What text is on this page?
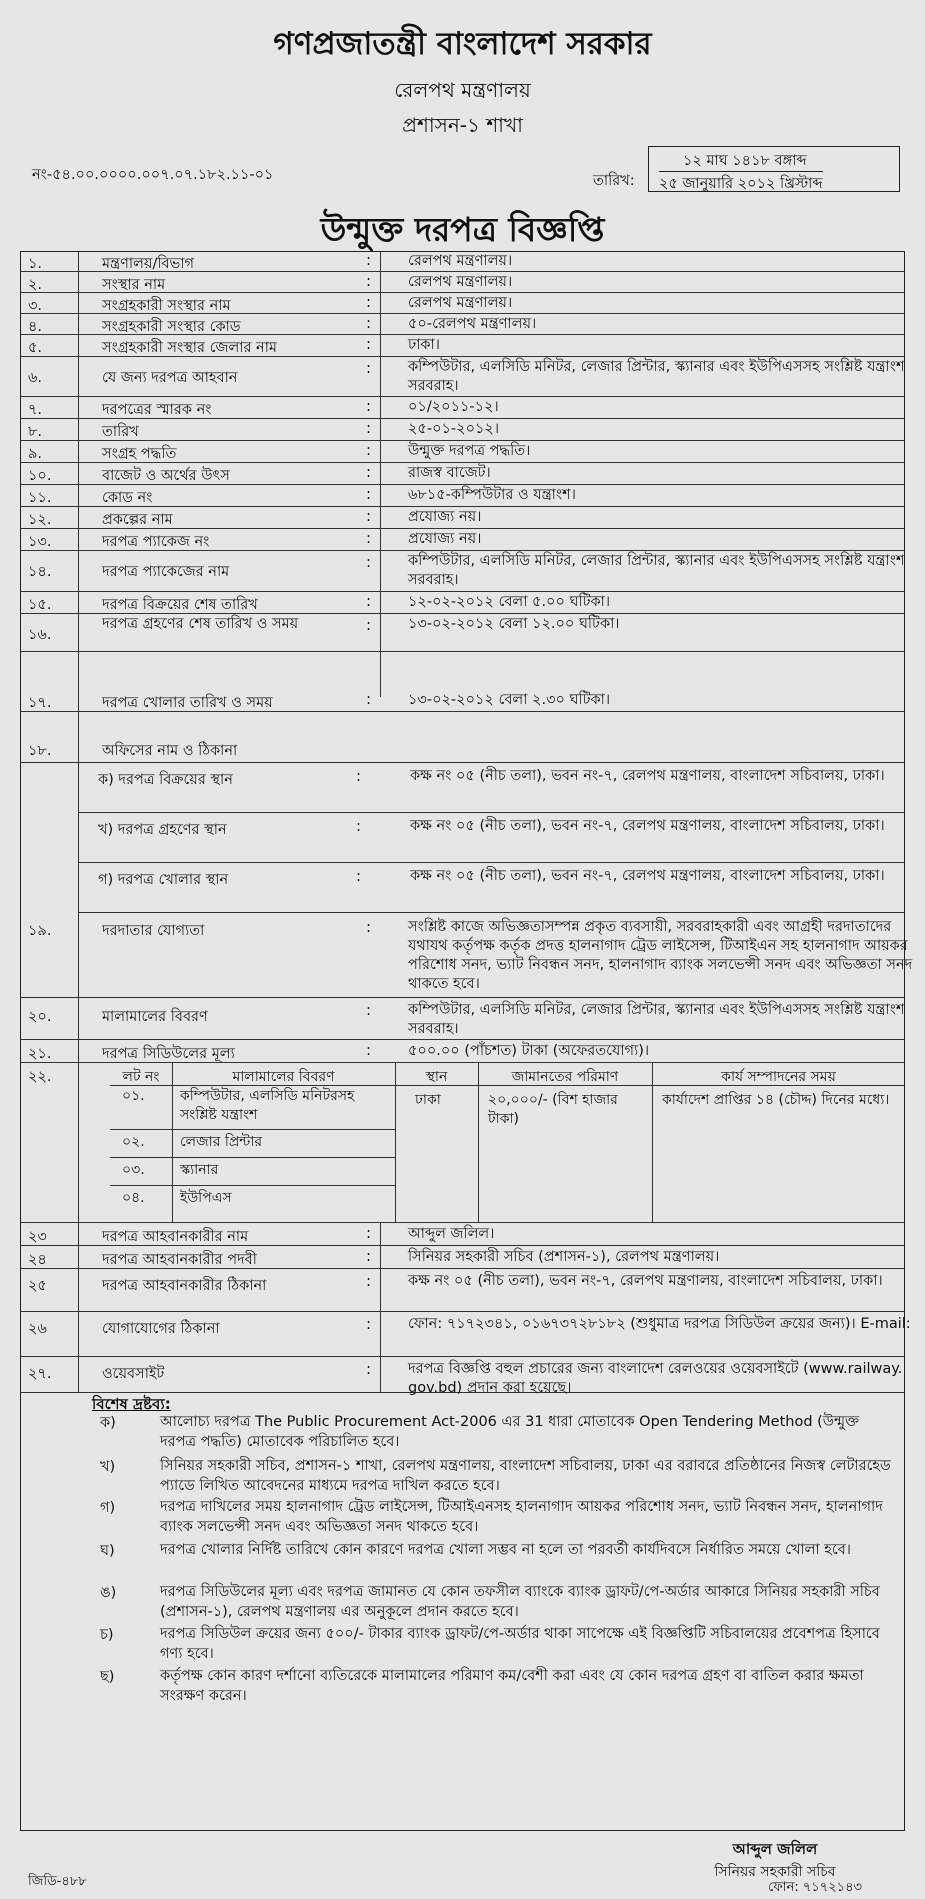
গণপ্রজাতন্ত্রী বাংলাদেশ সরকার
রেলপথ মন্ত্রণালয়
প্রশাসন-১ শাখা
নং-৫৪.০০.০০০০.০০৭.০৭.১৮২.১১-০১	তারিখ:
১২ মাঘ ১৪১৮ বঙ্গাব্দ
২৫ জানুয়ারি ২০১২ খ্রিস্টাব্দ
উন্মুক্ত দরপত্র বিজ্ঞপ্তি
১.	মন্ত্রণালয়/বিভাগ	:	রেলপথ মন্ত্রণালয়।
২.	সংস্থার নাম	:	রেলপথ মন্ত্রণালয়।
৩.	সংগ্রহকারী সংস্থার নাম	:	রেলপথ মন্ত্রণালয়।
৪.	সংগ্রহকারী সংস্থার কোড	:	৫০-রেলপথ মন্ত্রণালয়।
৫.	সংগ্রহকারী সংস্থার জেলার নাম	:	ঢাকা।
৬.	যে জন্য দরপত্র আহবান
:	কম্পিউটার, এলসিডি মনিটর, লেজার প্রিন্টার, স্ক্যানার এবং ইউপিএসসহ সংশ্লিষ্ট যন্ত্রাংশ সরবরাহ।
৭.	দরপত্রের স্মারক নং	:	০১/২০১১-১২।
৮.	তারিখ	:	২৫-০১-২০১২।
৯.	সংগ্রহ পদ্ধতি	:	উন্মুক্ত দরপত্র পদ্ধতি।
১০.	বাজেট ও অর্থের উৎস	:	রাজস্ব বাজেট।
১১.	কোড নং	:	৬৮১৫-কম্পিউটার ও যন্ত্রাংশ।
১২.	প্রকল্পের নাম	:	প্রযোজ্য নয়।
১৩.	দরপত্র প্যাকেজ নং	:	প্রযোজ্য নয়।
১৪.	দরপত্র প্যাকেজের নাম
:	কম্পিউটার, এলসিডি মনিটর, লেজার প্রিন্টার, স্ক্যানার এবং ইউপিএসসহ সংশ্লিষ্ট যন্ত্রাংশ সরবরাহ।
১৫.	দরপত্র বিক্রয়ের শেষ তারিখ	:	১২-০২-২০১২ বেলা ৫.০০ ঘটিকা।
১৬.
দরপত্র গ্রহণের শেষ তারিখ ও সময়	:	১৩-০২-২০১২ বেলা ১২.০০ ঘটিকা।
১৭.	দরপত্র খোলার তারিখ ও সময়	:	১৩-০২-২০১২ বেলা ২.৩০ ঘটিকা।
১৮.	অফিসের নাম ও ঠিকানা
ক) দরপত্র বিক্রয়ের স্থান	:	কক্ষ নং ০৫ (নীচ তলা), ভবন নং-৭, রেলপথ মন্ত্রণালয়, বাংলাদেশ সচিবালয়, ঢাকা।
খ) দরপত্র গ্রহণের স্থান	:	কক্ষ নং ০৫ (নীচ তলা), ভবন নং-৭, রেলপথ মন্ত্রণালয়, বাংলাদেশ সচিবালয়, ঢাকা।
গ) দরপত্র খোলার স্থান	:	কক্ষ নং ০৫ (নীচ তলা), ভবন নং-৭, রেলপথ মন্ত্রণালয়, বাংলাদেশ সচিবালয়, ঢাকা।
১৯.	দরদাতার যোগ্যতা	:	সংশ্লিষ্ট কাজে অভিজ্ঞতাসম্পন্ন প্রকৃত ব্যবসায়ী, সরবরাহকারী এবং আগ্রহী দরদাতাদের যথাযথ কর্তৃপক্ষ কর্তৃক প্রদত্ত হালনাগাদ ট্রেড লাইসেন্স, টিআইএন সহ হালনাগাদ আয়কর পরিশোধ সনদ, ভ্যাট নিবন্ধন সনদ, হালনাগাদ ব্যাংক সলভেন্সী সনদ এবং অভিজ্ঞতা সনদ থাকতে হবে।
২০.	মালামালের বিবরণ	:	কম্পিউটার, এলসিডি মনিটর, লেজার প্রিন্টার, স্ক্যানার এবং ইউপিএসসহ সংশ্লিষ্ট যন্ত্রাংশ সরবরাহ।
২১.	দরপত্র সিডিউলের মূল্য	:	৫০০.০০ (পাঁচশত) টাকা (অফেরতযোগ্য)।
২২.	লট নং	মালামালের বিবরণ	স্থান	জামানতের পরিমাণ	কার্য সম্পাদনের সময়
০১.	কম্পিউটার, এলসিডি মনিটরসহ সংশ্লিষ্ট যন্ত্রাংশ
০২.	লেজার প্রিন্টার
০৩.	স্ক্যানার
০৪.	ইউপিএস
ঢাকা	২০,০০০/- (বিশ হাজার টাকা)
কার্যাদেশ প্রাপ্তির ১৪ (চৌদ্দ) দিনের মধ্যে।
২৩	দরপত্র আহবানকারীর নাম	:	আব্দুল জলিল।
২৪	দরপত্র আহবানকারীর পদবী	:	সিনিয়র সহকারী সচিব (প্রশাসন-১), রেলপথ মন্ত্রণালয়।
২৫	দরপত্র আহবানকারীর ঠিকানা	:	কক্ষ নং ০৫ (নীচ তলা), ভবন নং-৭, রেলপথ মন্ত্রণালয়, বাংলাদেশ সচিবালয়, ঢাকা।
২৬	যোগাযোগের ঠিকানা	:	ফোন: ৭১৭২৩৪১, ০১৬৭৩৭২৮১৮২ (শুধুমাত্র দরপত্র সিডিউল ক্রয়ের জন্য)। E-mail:
২৭.	ওয়েবসাইট	:	দরপত্র বিজ্ঞপ্তি বহুল প্রচারের জন্য বাংলাদেশ রেলওয়ের ওয়েবসাইটে (www.railway. gov.bd) প্রদান করা হয়েছে।
বিশেষ দ্রষ্টব্য:
ক)	আলোচ্য দরপত্র The Public Procurement Act-2006 এর 31 ধারা মোতাবেক Open Tendering Method (উন্মুক্ত দরপত্র পদ্ধতি) মোতাবেক পরিচালিত হবে।
খ)	সিনিয়র সহকারী সচিব, প্রশাসন-১ শাখা, রেলপথ মন্ত্রণালয়, বাংলাদেশ সচিবালয়, ঢাকা এর বরাবরে প্রতিষ্ঠানের নিজস্ব লেটারহেড প্যাডে লিখিত আবেদনের মাধ্যমে দরপত্র দাখিল করতে হবে।
গ)	দরপত্র দাখিলের সময় হালনাগাদ ট্রেড লাইসেন্স, টিআইএনসহ হালনাগাদ আয়কর পরিশোধ সনদ, ভ্যাট নিবন্ধন সনদ, হালনাগাদ ব্যাংক সলভেন্সী সনদ এবং অভিজ্ঞতা সনদ থাকতে হবে।
ঘ)	দরপত্র খোলার নির্দিষ্ট তারিখে কোন কারণে দরপত্র খোলা সম্ভব না হলে তা পরবর্তী কার্যদিবসে নির্ধারিত সময়ে খোলা হবে।
ঙ)	দরপত্র সিডিউলের মূল্য এবং দরপত্র জামানত যে কোন তফসীল ব্যাংকে ব্যাংক ড্রাফট/পে-অর্ডার আকারে সিনিয়র সহকারী সচিব (প্রশাসন-১), রেলপথ মন্ত্রণালয় এর অনুকূলে প্রদান করতে হবে।
চ)	দরপত্র সিডিউল ক্রয়ের জন্য ৫০০/- টাকার ব্যাংক ড্রাফট/পে-অর্ডার থাকা সাপেক্ষে এই বিজ্ঞপ্তিটি সচিবালয়ের প্রবেশপত্র হিসাবে গণ্য হবে।
ছ)	কর্তৃপক্ষ কোন কারণ দর্শানো ব্যতিরেকে মালামালের পরিমাণ কম/বেশী করা এবং যে কোন দরপত্র গ্রহণ বা বাতিল করার ক্ষমতা সংরক্ষণ করেন।
আব্দুল জলিল
সিনিয়র সহকারী সচিব
ফোন: ৭১৭২১৪৩
জিডি-৪৮৮
